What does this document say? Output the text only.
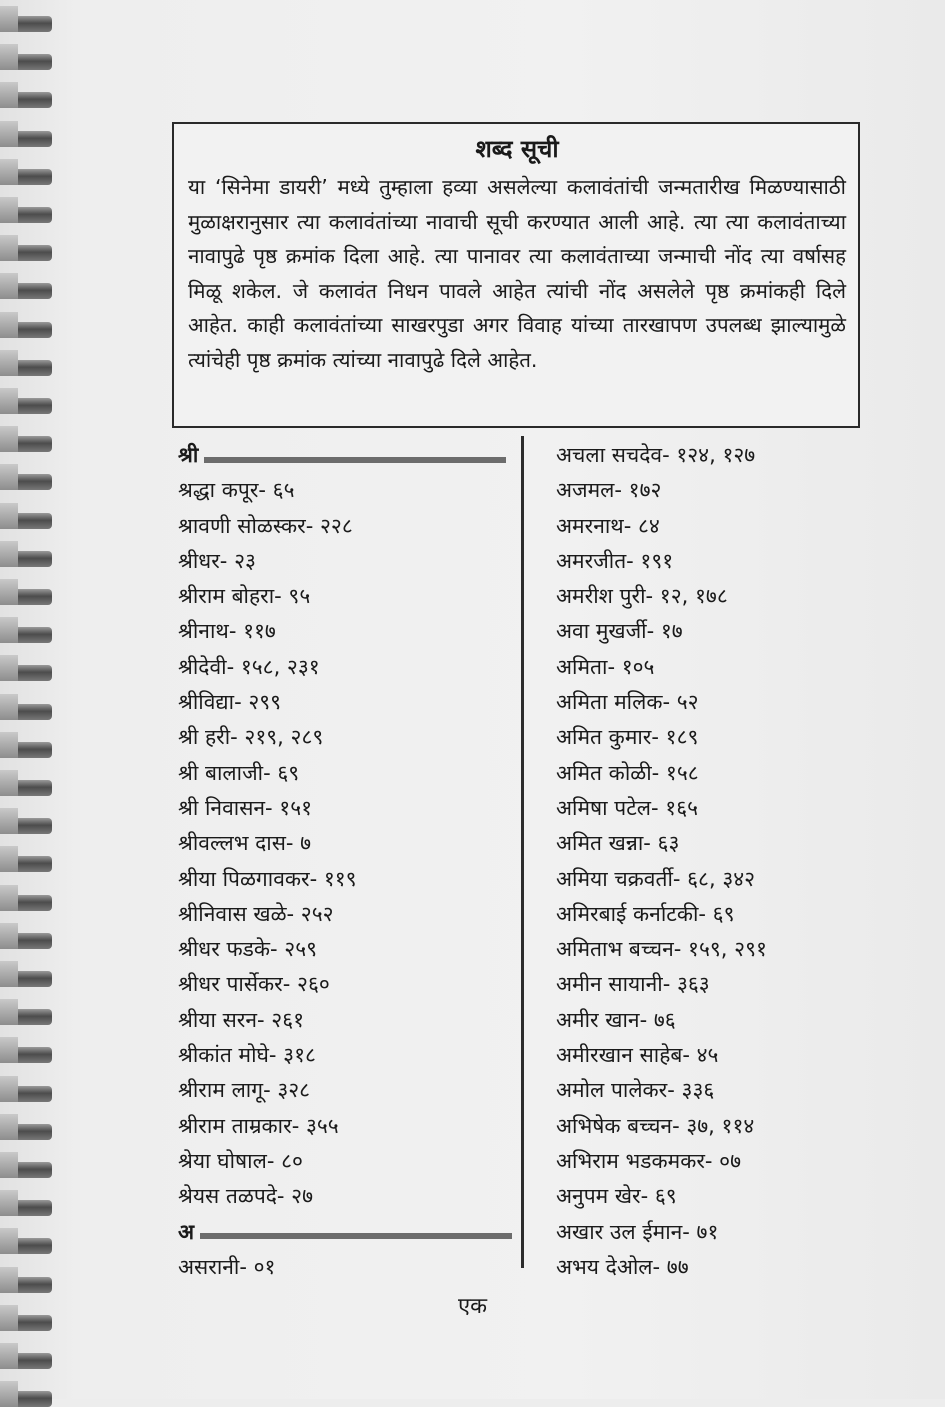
शब्द सूची

या ‘सिनेमा डायरी’ मध्ये तुम्हाला हव्या असलेल्या कलावंतांची जन्मतारीख मिळण्यासाठी मुळाक्षरानुसार त्या कलावंतांच्या नावाची सूची करण्यात आली आहे. त्या त्या कलावंताच्या नावापुढे पृष्ठ क्रमांक दिला आहे. त्या पानावर त्या कलावंताच्या जन्माची नोंद त्या वर्षासह मिळू शकेल. जे कलावंत निधन पावले आहेत त्यांची नोंद असलेले पृष्ठ क्रमांकही दिले आहेत. काही कलावंतांच्या साखरपुडा अगर विवाह यांच्या तारखापण उपलब्ध झाल्यामुळे त्यांचेही पृष्ठ क्रमांक त्यांच्या नावापुढे दिले आहेत.

श्री
श्रद्धा कपूर- ६५
श्रावणी सोळस्कर- २२८
श्रीधर- २३
श्रीराम बोहरा- ९५
श्रीनाथ- ११७
श्रीदेवी- १५८, २३१
श्रीविद्या- २९९
श्री हरी- २१९, २८९
श्री बालाजी- ६९
श्री निवासन- १५१
श्रीवल्लभ दास- ७
श्रीया पिळगावकर- ११९
श्रीनिवास खळे- २५२
श्रीधर फडके- २५९
श्रीधर पार्सेकर- २६०
श्रीया सरन- २६१
श्रीकांत मोघे- ३१८
श्रीराम लागू- ३२८
श्रीराम ताम्रकार- ३५५
श्रेया घोषाल- ८०
श्रेयस तळपदे- २७
अ
असरानी- ०१
अचला सचदेव- १२४, १२७
अजमल- १७२
अमरनाथ- ८४
अमरजीत- १९१
अमरीश पुरी- १२, १७८
अवा मुखर्जी- १७
अमिता- १०५
अमिता मलिक- ५२
अमित कुमार- १८९
अमित कोळी- १५८
अमिषा पटेल- १६५
अमित खन्ना- ६३
अमिया चक्रवर्ती- ६८, ३४२
अमिरबाई कर्नाटकी- ६९
अमिताभ बच्चन- १५९, २९१
अमीन सायानी- ३६३
अमीर खान- ७६
अमीरखान साहेब- ४५
अमोल पालेकर- ३३६
अभिषेक बच्चन- ३७, ११४
अभिराम भडकमकर- ०७
अनुपम खेर- ६९
अखार उल ईमान- ७१
अभय देओल- ७७
एक
